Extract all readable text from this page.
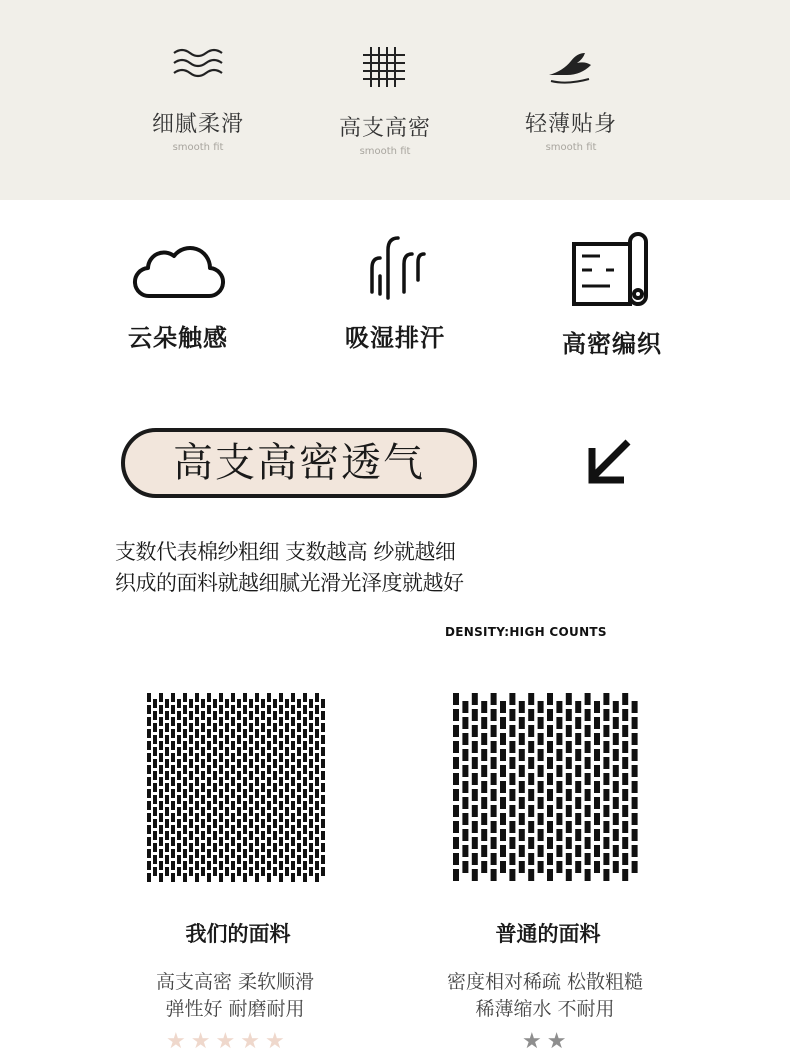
细腻柔滑
smooth fit
高支高密
smooth fit
轻薄贴身
smooth fit
云朵触感	吸湿排汗	高密编织
高支高密透气
支数代表棉纱粗细 支数越高 纱就越细
织成的面料就越细腻光滑光泽度就越好
DENSITY:HIGH COUNTS
我们的面料
高支高密 柔软顺滑
弹性好 耐磨耐用
普通的面料
密度相对稀疏 松散粗糙
稀薄缩水 不耐用
★★★★★	★★
